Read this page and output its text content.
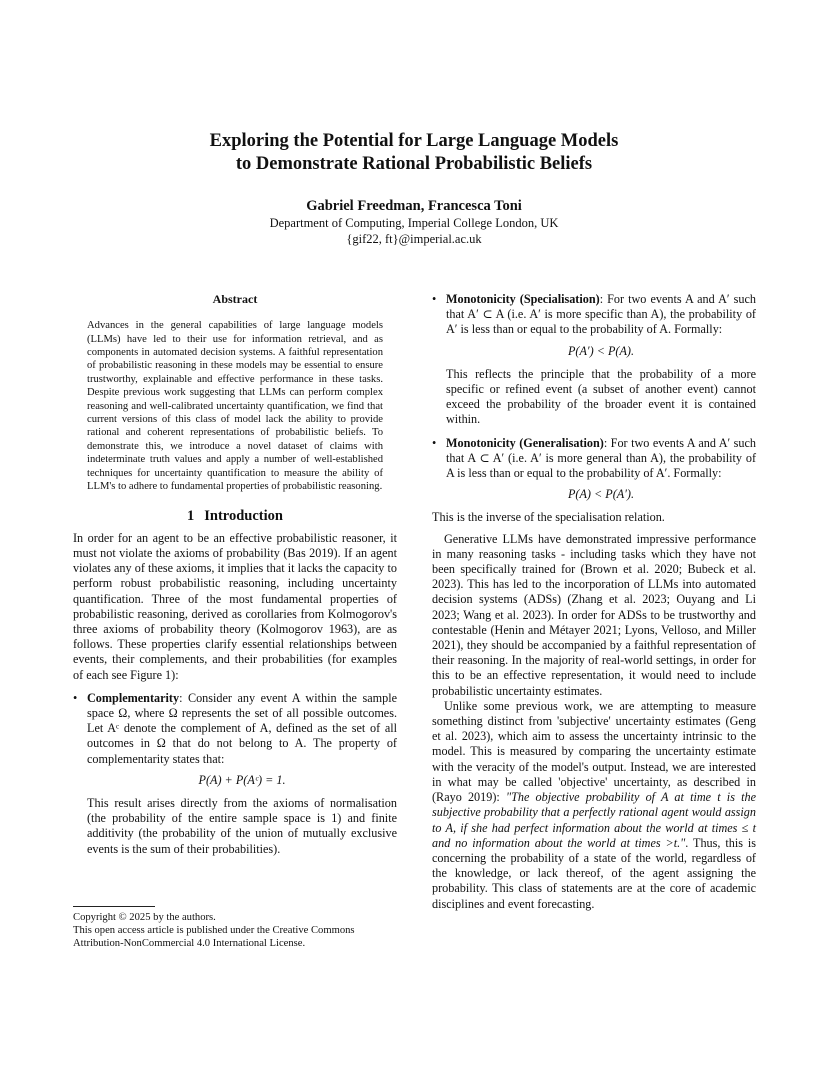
Exploring the Potential for Large Language Models
to Demonstrate Rational Probabilistic Beliefs
Gabriel Freedman, Francesca Toni
Department of Computing, Imperial College London, UK
{gif22, ft}@imperial.ac.uk
Abstract

Advances in the general capabilities of large language models (LLMs) have led to their use for information retrieval, and as components in automated decision systems. A faithful representation of probabilistic reasoning in these models may be essential to ensure trustworthy, explainable and effective performance in these tasks. Despite previous work suggesting that LLMs can perform complex reasoning and well-calibrated uncertainty quantification, we find that current versions of this class of model lack the ability to provide rational and coherent representations of probabilistic beliefs. To demonstrate this, we introduce a novel dataset of claims with indeterminate truth values and apply a number of well-established techniques for uncertainty quantification to measure the ability of LLM's to adhere to fundamental properties of probabilistic reasoning.

1 Introduction

In order for an agent to be an effective probabilistic reasoner, it must not violate the axioms of probability (Bas 2019). If an agent violates any of these axioms, it implies that it lacks the capacity to perform robust probabilistic reasoning, including uncertainty quantification. Three of the most fundamental properties of probabilistic reasoning, derived as corollaries from Kolmogorov's three axioms of probability theory (Kolmogorov 1963), are as follows. These properties clarify essential relationships between events, their complements, and their probabilities (for examples of each see Figure 1):

• Complementarity: Consider any event A within the sample space Ω, where Ω represents the set of all possible outcomes. Let Aᶜ denote the complement of A, defined as the set of all outcomes in Ω that do not belong to A. The property of complementarity states that:
P(A) + P(Aᶜ) = 1.

This result arises directly from the axioms of normalisation (the probability of the entire sample space is 1) and finite additivity (the probability of the union of mutually exclusive events is the sum of their probabilities).

Copyright © 2025 by the authors.
This open access article is published under the Creative Commons Attribution-NonCommercial 4.0 International License.
• Monotonicity (Specialisation): For two events A and A′ such that A′ ⊂ A (i.e. A′ is more specific than A), the probability of A′ is less than or equal to the probability of A. Formally:
P(A′) < P(A).

This reflects the principle that the probability of a more specific or refined event (a subset of another event) cannot exceed the probability of the broader event it is contained within.

• Monotonicity (Generalisation): For two events A and A′ such that A ⊂ A′ (i.e. A′ is more general than A), the probability of A is less than or equal to the probability of A′. Formally:
P(A) < P(A′).

This is the inverse of the specialisation relation.

Generative LLMs have demonstrated impressive performance in many reasoning tasks - including tasks which they have not been specifically trained for (Brown et al. 2020; Bubeck et al. 2023). This has led to the incorporation of LLMs into automated decision systems (ADSs) (Zhang et al. 2023; Ouyang and Li 2023; Wang et al. 2023). In order for ADSs to be trustworthy and contestable (Henin and Métayer 2021; Lyons, Velloso, and Miller 2021), they should be accompanied by a faithful representation of their reasoning. In the majority of real-world settings, in order for this to be an effective representation, it would need to include probabilistic uncertainty estimates.

Unlike some previous work, we are attempting to measure something distinct from 'subjective' uncertainty estimates (Geng et al. 2023), which aim to assess the uncertainty intrinsic to the model. This is measured by comparing the uncertainty estimate with the veracity of the model's output. Instead, we are interested in what may be called 'objective' uncertainty, as described in (Rayo 2019): "The objective probability of A at time t is the subjective probability that a perfectly rational agent would assign to A, if she had perfect information about the world at times ≤ t and no information about the world at times >t.". Thus, this is concerning the probability of a state of the world, regardless of the knowledge, or lack thereof, of the agent assigning the probability. This class of statements are at the core of academic disciplines and event forecasting.
